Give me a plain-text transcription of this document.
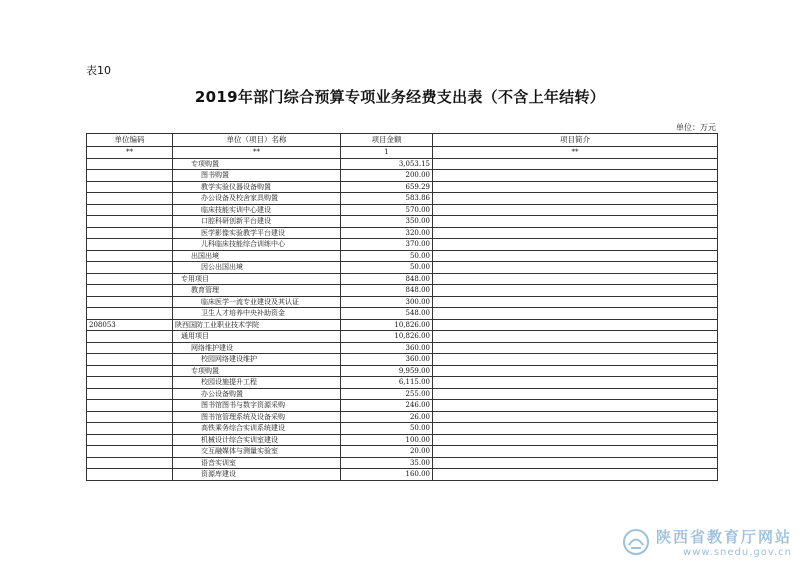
表10
2019年部门综合预算专项业务经费支出表（不含上年结转）
单位：万元
单位编码	单位（项目）名称	项目金额	项目简介
**	**	1	**
	专项购置	3,053.15	
	图书购置	200.00	
	教学实验仪器设备购置	659.29	
	办公设备及校舍家具购置	583.86	
	临床技能实训中心建设	570.00	
	口腔科研创新平台建设	350.00	
	医学影像实验教学平台建设	320.00	
	儿科临床技能综合训练中心	370.00	
	出国出境	50.00	
	因公出国出境	50.00	
	专用项目	848.00	
	教育管理	848.00	
	临床医学一流专业建设及其认证	300.00	
	卫生人才培养中央补助资金	548.00	
208053	陕西国防工业职业技术学院	10,826.00	
	通用项目	10,826.00	
	网络维护建设	360.00	
	校园网络建设维护	360.00	
	专项购置	9,959.00	
	校园设施提升工程	6,115.00	
	办公设备购置	255.00	
	图书馆图书与数字资源采购	246.00	
	图书馆管理系统及设备采购	26.00	
	高铁乘务综合实训系统建设	50.00	
	机械设计综合实训室建设	100.00	
	交互融媒体与测量实验室	20.00	
	语音实训室	35.00	
	资源库建设	160.00	
陕西省教育厅网站
www.snedu.gov.cn
